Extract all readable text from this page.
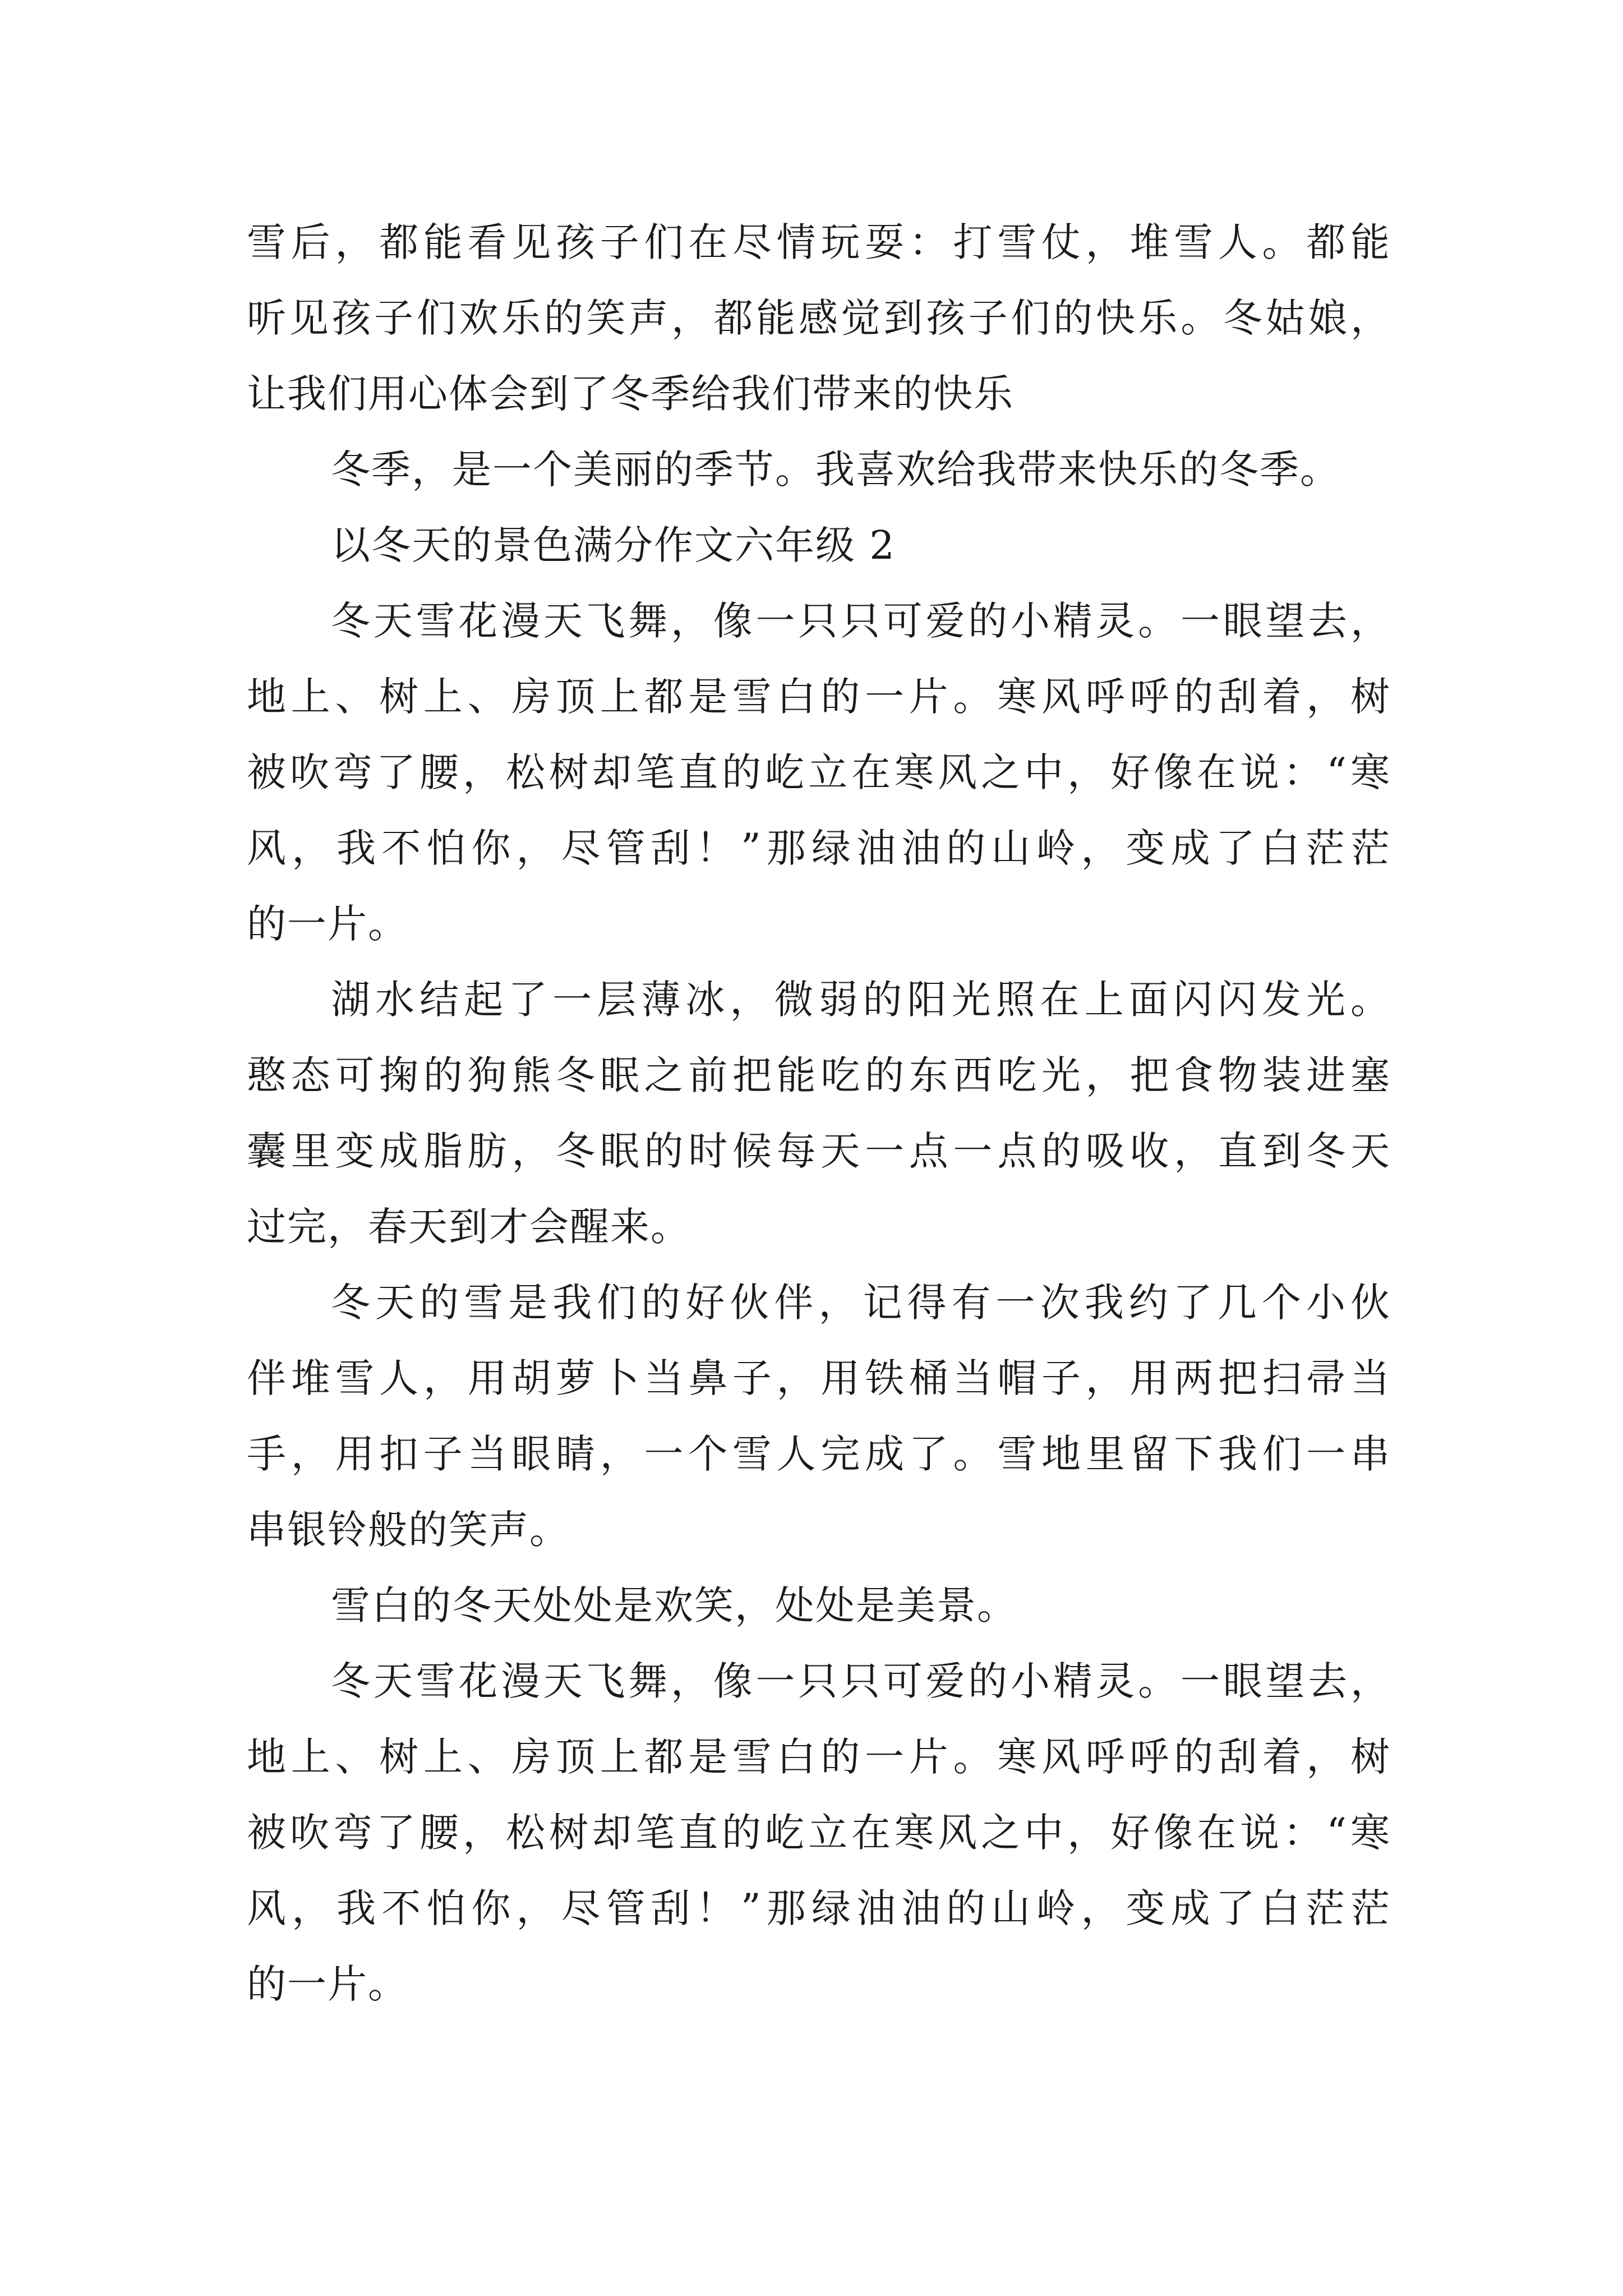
雪后，都能看见孩子们在尽情玩耍：打雪仗，堆雪人。都能
听见孩子们欢乐的笑声，都能感觉到孩子们的快乐。冬姑娘，
让我们用心体会到了冬季给我们带来的快乐
冬季，是一个美丽的季节。我喜欢给我带来快乐的冬季。
以冬天的景色满分作文六年级 2
冬天雪花漫天飞舞，像一只只可爱的小精灵。一眼望去，
地上、树上、房顶上都是雪白的一片。寒风呼呼的刮着，树
被吹弯了腰，松树却笔直的屹立在寒风之中，好像在说：“寒
风，我不怕你，尽管刮！”那绿油油的山岭，变成了白茫茫
的一片。
湖水结起了一层薄冰，微弱的阳光照在上面闪闪发光。
憨态可掬的狗熊冬眠之前把能吃的东西吃光，把食物装进塞
囊里变成脂肪，冬眠的时候每天一点一点的吸收，直到冬天
过完，春天到才会醒来。
冬天的雪是我们的好伙伴，记得有一次我约了几个小伙
伴堆雪人，用胡萝卜当鼻子，用铁桶当帽子，用两把扫帚当
手，用扣子当眼睛，一个雪人完成了。雪地里留下我们一串
串银铃般的笑声。
雪白的冬天处处是欢笑，处处是美景。
冬天雪花漫天飞舞，像一只只可爱的小精灵。一眼望去，
地上、树上、房顶上都是雪白的一片。寒风呼呼的刮着，树
被吹弯了腰，松树却笔直的屹立在寒风之中，好像在说：“寒
风，我不怕你，尽管刮！”那绿油油的山岭，变成了白茫茫
的一片。
